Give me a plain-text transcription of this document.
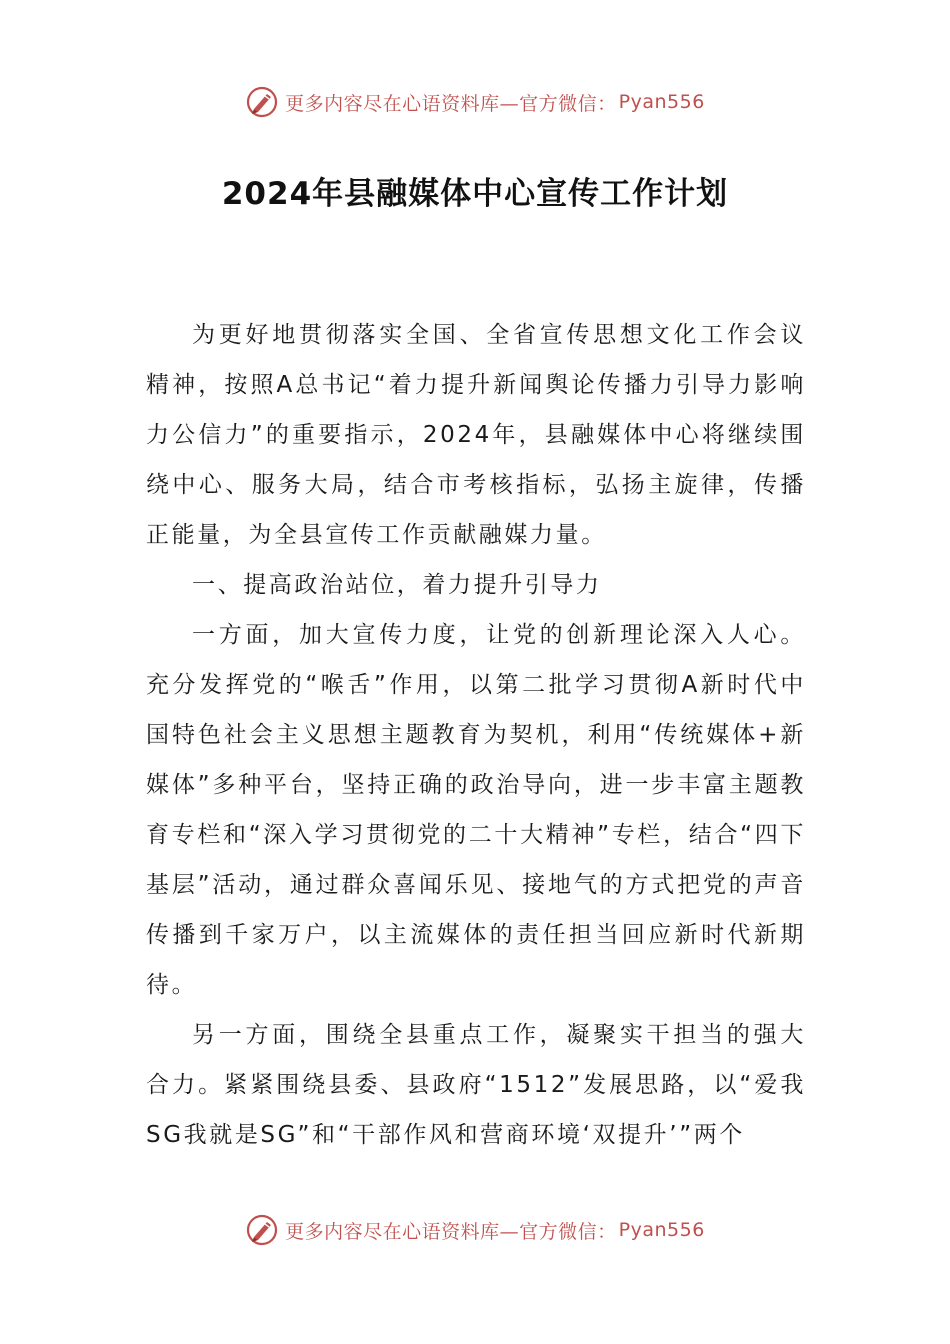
更多内容尽在心语资料库—官方微信： Pyan556
2024年县融媒体中心宣传工作计划

为更好地贯彻落实全国、全省宣传思想文化工作会议精神，按照A总书记“着力提升新闻舆论传播力引导力影响力公信力”的重要指示，2024年，县融媒体中心将继续围绕中心、服务大局，结合市考核指标，弘扬主旋律，传播正能量，为全县宣传工作贡献融媒力量。

一、提高政治站位，着力提升引导力

一方面，加大宣传力度，让党的创新理论深入人心。充分发挥党的“喉舌”作用，以第二批学习贯彻A新时代中国特色社会主义思想主题教育为契机，利用“传统媒体+新媒体”多种平台，坚持正确的政治导向，进一步丰富主题教育专栏和“深入学习贯彻党的二十大精神”专栏，结合“四下基层”活动，通过群众喜闻乐见、接地气的方式把党的声音传播到千家万户，以主流媒体的责任担当回应新时代新期待。

另一方面，围绕全县重点工作，凝聚实干担当的强大合力。紧紧围绕县委、县政府“1512”发展思路，以“爱我SG我就是SG”和“干部作风和营商环境‘双提升’”两个

更多内容尽在心语资料库—官方微信： Pyan556
